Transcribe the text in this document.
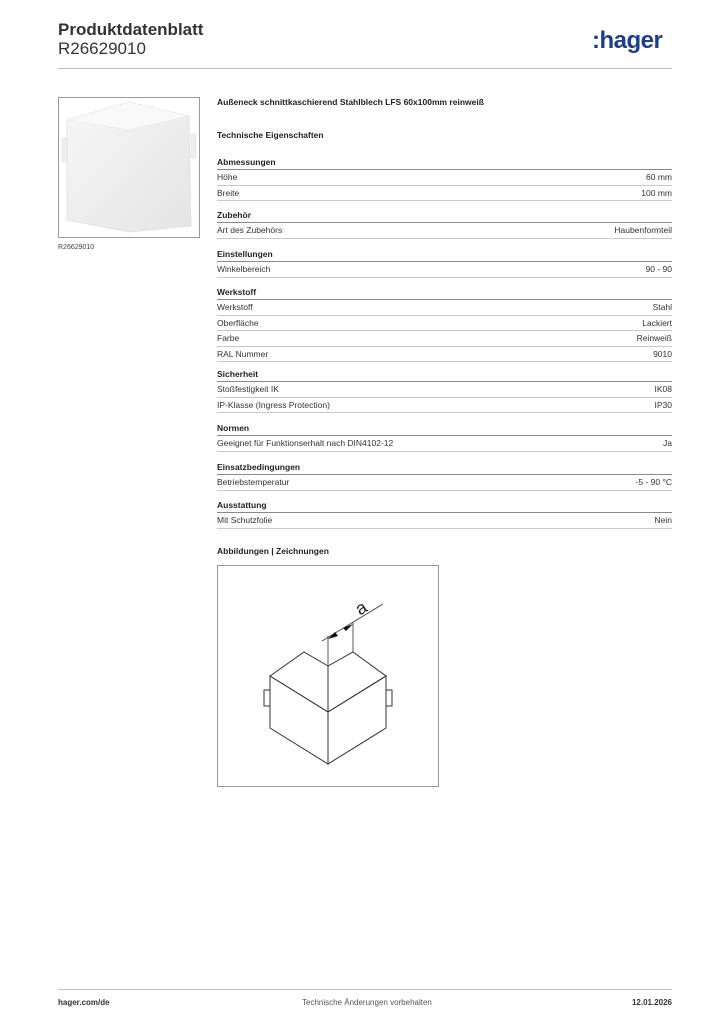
Produktdatenblatt
R26629010	:hager
R26629010
Außeneck schnittkaschierend Stahlblech LFS 60x100mm reinweiß
Technische Eigenschaften
Abmessungen
Höhe	60 mm
Breite	100 mm
Zubehör
Art des Zubehörs	Haubenformteil
Einstellungen
Winkelbereich	90 - 90
Werkstoff
Werkstoff	Stahl
Oberfläche	Lackiert
Farbe	Reinweiß
RAL Nummer	9010
Sicherheit
Stoßfestigkeit IK	IK08
IP-Klasse (Ingress Protection)	IP30
Normen
Geeignet für Funktionserhalt nach DIN4102-12	Ja
Einsatzbedingungen
Betriebstemperatur	-5 - 90 °C
Ausstattung
Mit Schutzfolie	Nein
Abbildungen | Zeichnungen
a
hager.com/de	Technische Änderungen vorbehalten	12.01.2026
